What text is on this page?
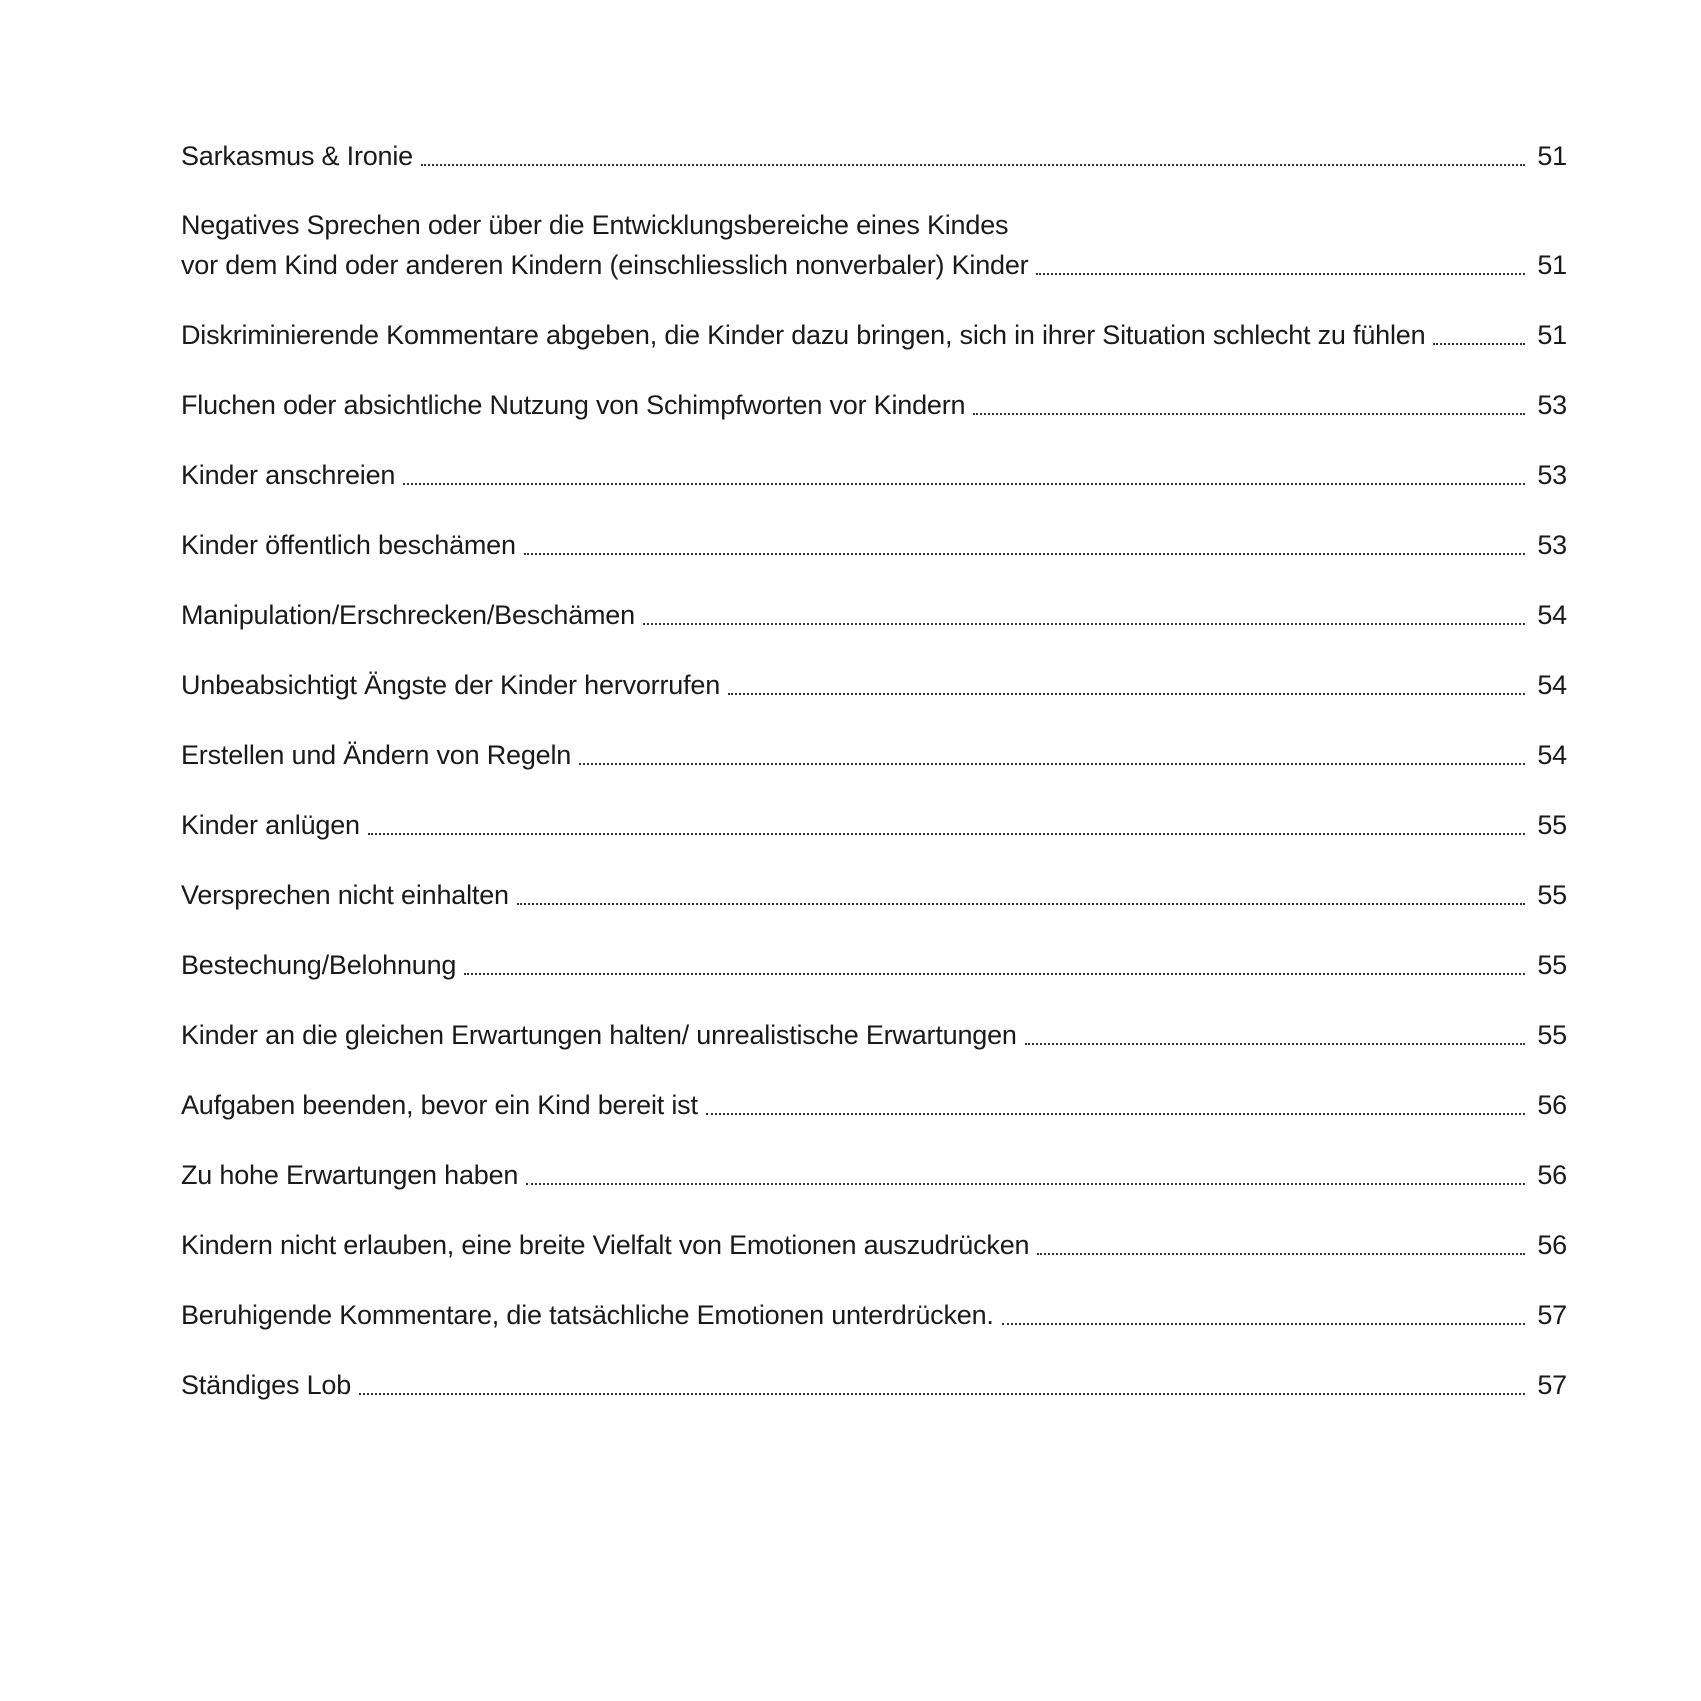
Sarkasmus & Ironie	51
Negatives Sprechen oder über die Entwicklungsbereiche eines Kindes
vor dem Kind oder anderen Kindern (einschliesslich nonverbaler) Kinder	51
Diskriminierende Kommentare abgeben, die Kinder dazu bringen, sich in ihrer Situation schlecht zu fühlen	51
Fluchen oder absichtliche Nutzung von Schimpfworten vor Kindern	53
Kinder anschreien	53
Kinder öffentlich beschämen	53
Manipulation/Erschrecken/Beschämen	54
Unbeabsichtigt Ängste der Kinder hervorrufen	54
Erstellen und Ändern von Regeln	54
Kinder anlügen	55
Versprechen nicht einhalten	55
Bestechung/Belohnung	55
Kinder an die gleichen Erwartungen halten/ unrealistische Erwartungen	55
Aufgaben beenden, bevor ein Kind bereit ist	56
Zu hohe Erwartungen haben	56
Kindern nicht erlauben, eine breite Vielfalt von Emotionen auszudrücken	56
Beruhigende Kommentare, die tatsächliche Emotionen unterdrücken.	57
Ständiges Lob	57
